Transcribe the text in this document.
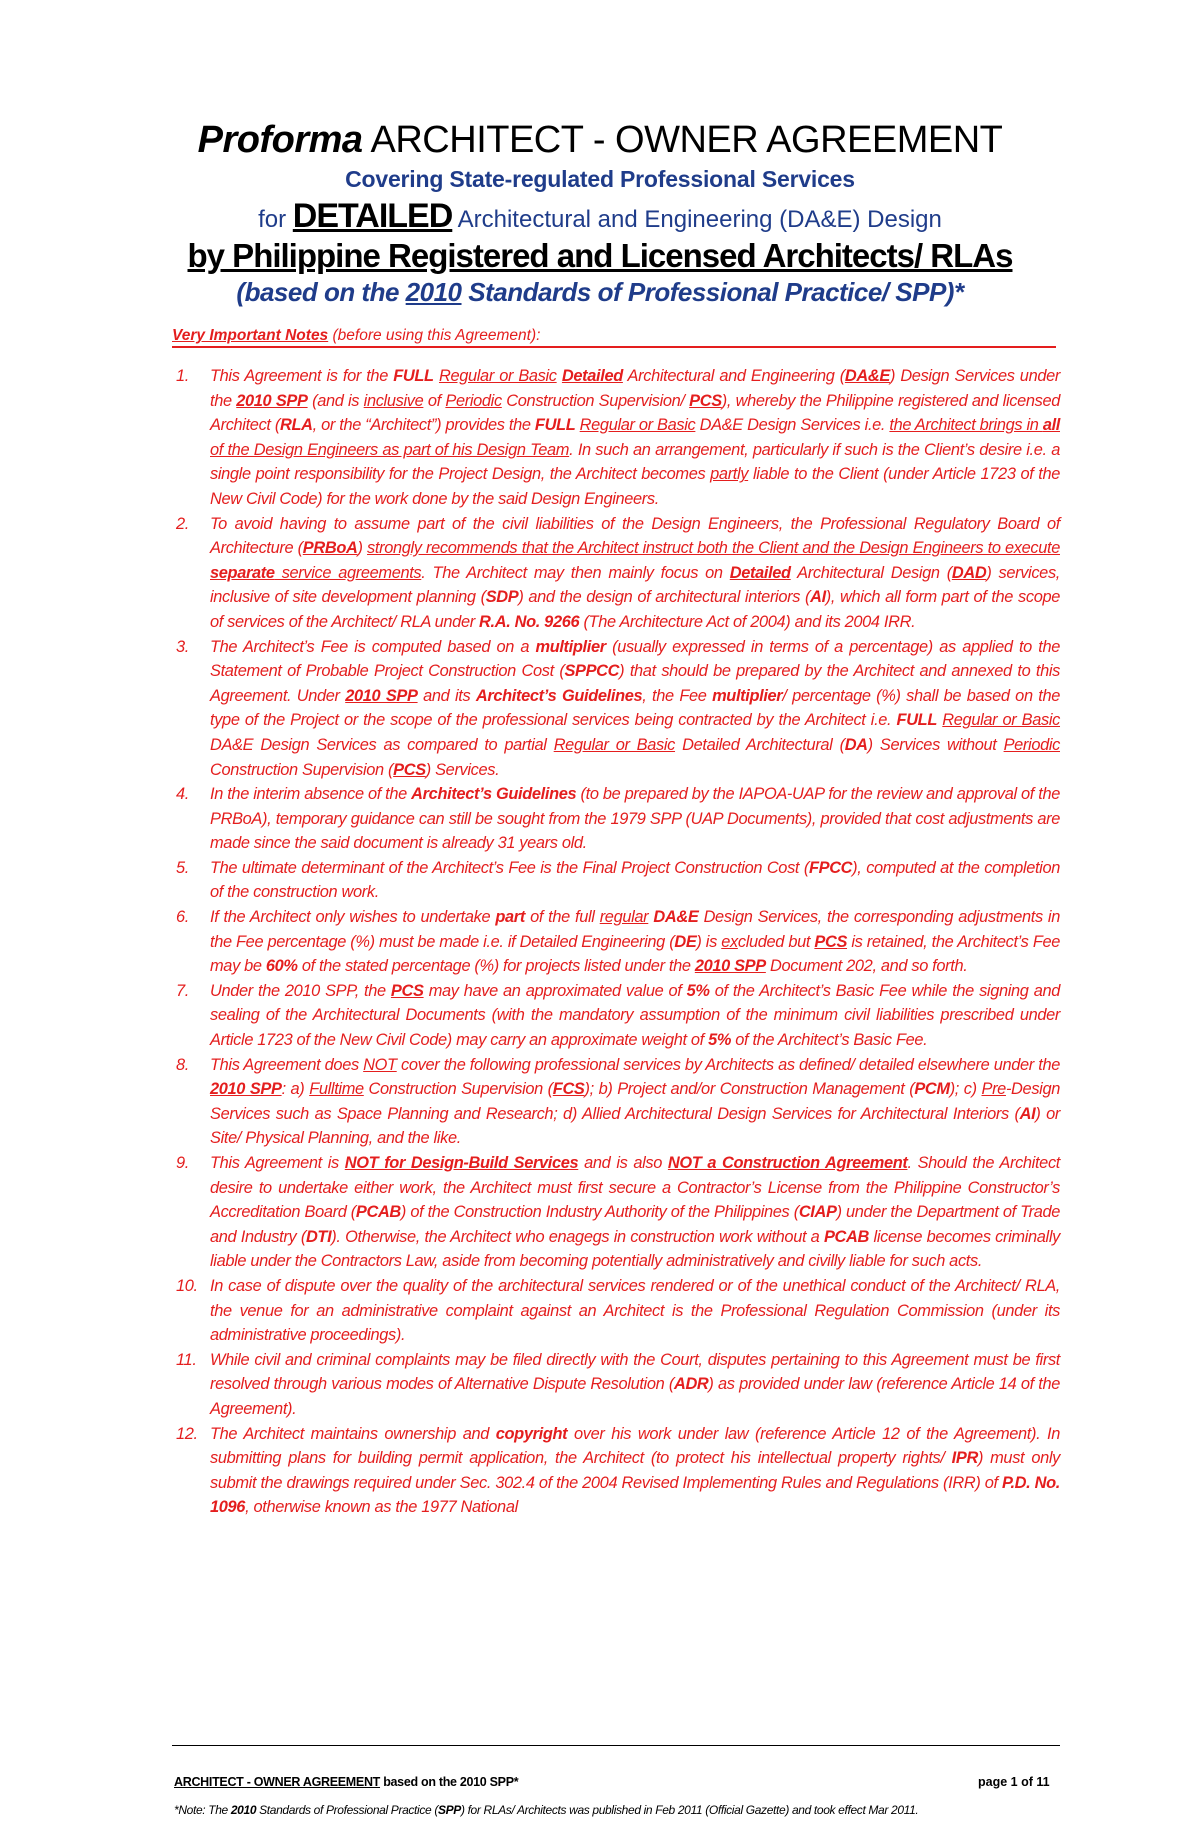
Proforma ARCHITECT - OWNER AGREEMENT
Covering State-regulated Professional Services
for DETAILED Architectural and Engineering (DA&E) Design
by Philippine Registered and Licensed Architects/ RLAs
(based on the 2010 Standards of Professional Practice/ SPP)*
Very Important Notes (before using this Agreement):
1. This Agreement is for the FULL Regular or Basic Detailed Architectural and Engineering (DA&E) Design Services under the 2010 SPP (and is inclusive of Periodic Construction Supervision/ PCS), whereby the Philippine registered and licensed Architect (RLA, or the “Architect”) provides the FULL Regular or Basic DA&E Design Services i.e. the Architect brings in all of the Design Engineers as part of his Design Team. In such an arrangement, particularly if such is the Client’s desire i.e. a single point responsibility for the Project Design, the Architect becomes partly liable to the Client (under Article 1723 of the New Civil Code) for the work done by the said Design Engineers.
2. To avoid having to assume part of the civil liabilities of the Design Engineers, the Professional Regulatory Board of Architecture (PRBoA) strongly recommends that the Architect instruct both the Client and the Design Engineers to execute separate service agreements. The Architect may then mainly focus on Detailed Architectural Design (DAD) services, inclusive of site development planning (SDP) and the design of architectural interiors (AI), which all form part of the scope of services of the Architect/ RLA under R.A. No. 9266 (The Architecture Act of 2004) and its 2004 IRR.
3. The Architect’s Fee is computed based on a multiplier (usually expressed in terms of a percentage) as applied to the Statement of Probable Project Construction Cost (SPPCC) that should be prepared by the Architect and annexed to this Agreement. Under 2010 SPP and its Architect’s Guidelines, the Fee multiplier/ percentage (%) shall be based on the type of the Project or the scope of the professional services being contracted by the Architect i.e. FULL Regular or Basic DA&E Design Services as compared to partial Regular or Basic Detailed Architectural (DA) Services without Periodic Construction Supervision (PCS) Services.
4. In the interim absence of the Architect’s Guidelines (to be prepared by the IAPOA-UAP for the review and approval of the PRBoA), temporary guidance can still be sought from the 1979 SPP (UAP Documents), provided that cost adjustments are made since the said document is already 31 years old.
5. The ultimate determinant of the Architect’s Fee is the Final Project Construction Cost (FPCC), computed at the completion of the construction work.
6. If the Architect only wishes to undertake part of the full regular DA&E Design Services, the corresponding adjustments in the Fee percentage (%) must be made i.e. if Detailed Engineering (DE) is excluded but PCS is retained, the Architect’s Fee may be 60% of the stated percentage (%) for projects listed under the 2010 SPP Document 202, and so forth.
7. Under the 2010 SPP, the PCS may have an approximated value of 5% of the Architect’s Basic Fee while the signing and sealing of the Architectural Documents (with the mandatory assumption of the minimum civil liabilities prescribed under Article 1723 of the New Civil Code) may carry an approximate weight of 5% of the Architect’s Basic Fee.
8. This Agreement does NOT cover the following professional services by Architects as defined/ detailed elsewhere under the 2010 SPP: a) Fulltime Construction Supervision (FCS); b) Project and/or Construction Management (PCM); c) Pre-Design Services such as Space Planning and Research; d) Allied Architectural Design Services for Architectural Interiors (AI) or Site/ Physical Planning, and the like.
9. This Agreement is NOT for Design-Build Services and is also NOT a Construction Agreement. Should the Architect desire to undertake either work, the Architect must first secure a Contractor’s License from the Philippine Constructor’s Accreditation Board (PCAB) of the Construction Industry Authority of the Philippines (CIAP) under the Department of Trade and Industry (DTI). Otherwise, the Architect who enagegs in construction work without a PCAB license becomes criminally liable under the Contractors Law, aside from becoming potentially administratively and civilly liable for such acts.
10. In case of dispute over the quality of the architectural services rendered or of the unethical conduct of the Architect/ RLA, the venue for an administrative complaint against an Architect is the Professional Regulation Commission (under its administrative proceedings).
11. While civil and criminal complaints may be filed directly with the Court, disputes pertaining to this Agreement must be first resolved through various modes of Alternative Dispute Resolution (ADR) as provided under law (reference Article 14 of the Agreement).
12. The Architect maintains ownership and copyright over his work under law (reference Article 12 of the Agreement). In submitting plans for building permit application, the Architect (to protect his intellectual property rights/ IPR) must only submit the drawings required under Sec. 302.4 of the 2004 Revised Implementing Rules and Regulations (IRR) of P.D. No. 1096, otherwise known as the 1977 National
ARCHITECT - OWNER AGREEMENT based on the 2010 SPP*	page 1 of 11
*Note: The 2010 Standards of Professional Practice (SPP) for RLAs/ Architects was published in Feb 2011 (Official Gazette) and took effect Mar 2011.
